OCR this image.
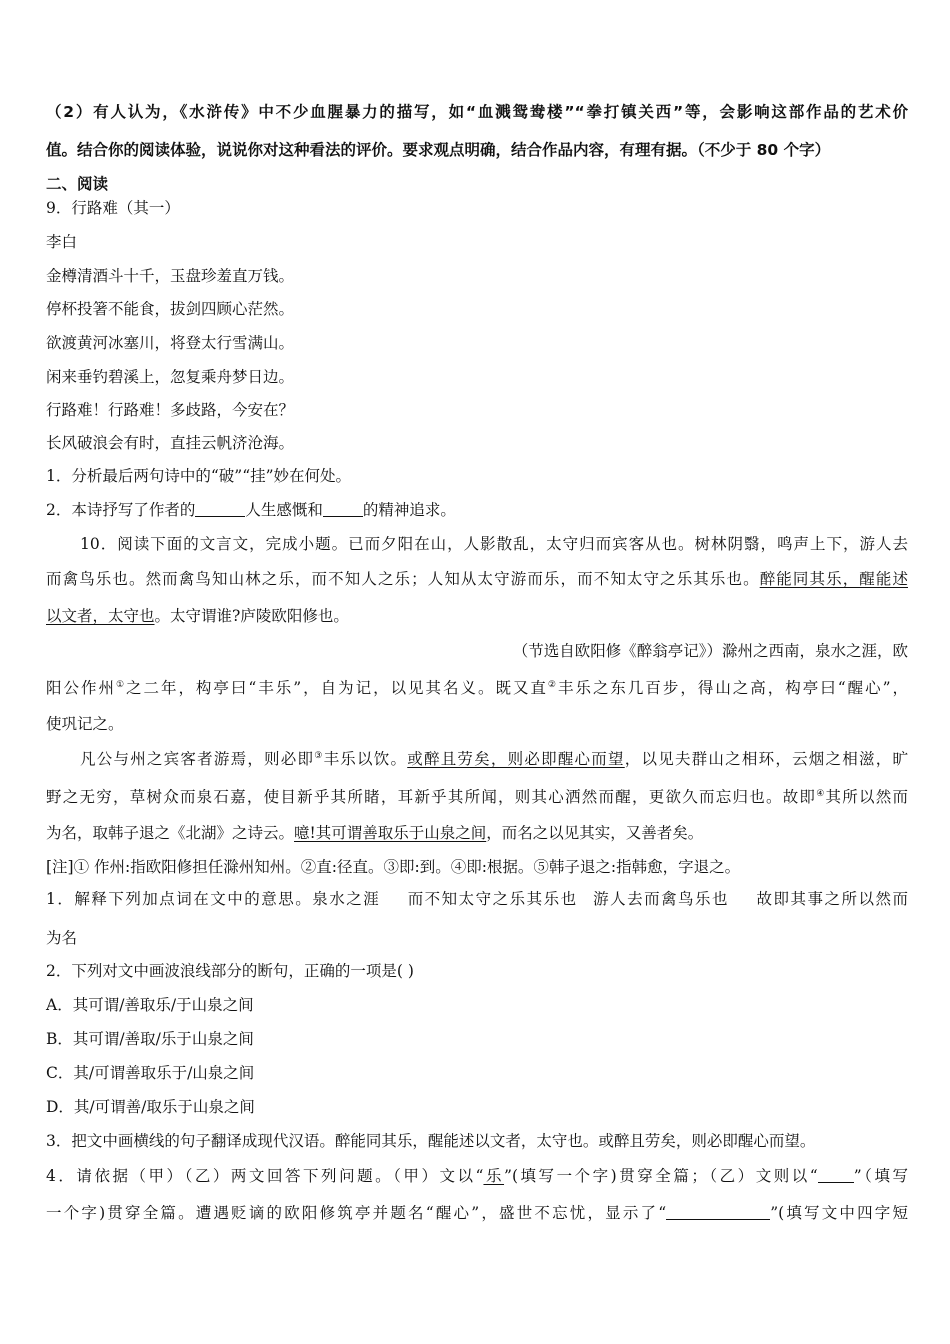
（2）有人认为，《水浒传》中不少血腥暴力的描写，如“血溅鸳鸯楼”“拳打镇关西”等，会影响这部作品的艺术价
值。结合你的阅读体验，说说你对这种看法的评价。要求观点明确，结合作品内容，有理有据。（不少于 80 个字）
二、阅读
9．行路难（其一）
李白
金樽清酒斗十千，玉盘珍羞直万钱。
停杯投箸不能食，拔剑四顾心茫然。
欲渡黄河冰塞川，将登太行雪满山。
闲来垂钓碧溪上，忽复乘舟梦日边。
行路难！行路难！多歧路，今安在？
长风破浪会有时，直挂云帆济沧海。
1．分析最后两句诗中的“破”“挂”妙在何处。
2．本诗抒写了作者的	人生感慨和	的精神追求。
10．阅读下面的文言文，完成小题。已而夕阳在山，人影散乱，太守归而宾客从也。树林阴翳，鸣声上下，游人去
而禽鸟乐也。然而禽鸟知山林之乐，而不知人之乐；人知从太守游而乐，而不知太守之乐其乐也。醉能同其乐，醒能述
以文者，太守也。太守谓谁?庐陵欧阳修也。
（节选自欧阳修《醉翁亭记》）滁州之西南，泉水之涯，欧
阳公作州①之二年，构亭曰“丰乐”，自为记，以见其名义。既又直②丰乐之东几百步，得山之高，构亭曰“醒心”，
使巩记之。
凡公与州之宾客者游焉，则必即③丰乐以饮。或醉且劳矣，则必即醒心而望，以见夫群山之相环，云烟之相滋，旷
野之无穷，草树众而泉石嘉，使目新乎其所睹，耳新乎其所闻，则其心洒然而醒，更欲久而忘归也。故即④其所以然而
为名，取韩子退之《北湖》之诗云。噫!其可谓善取乐于山泉之间，而名之以见其实，又善者矣。
[注]① 作州:指欧阳修担任滁州知州。②直:径直。③即:到。④即:根据。⑤韩子退之:指韩愈，字退之。
1．解释下列加点词在文中的意思。泉水之涯 而不知太守之乐其乐也 游人去而禽鸟乐也 故即其事之所以然而
为名
2．下列对文中画波浪线部分的断句，正确的一项是( )
A．其可谓/善取乐/于山泉之间
B．其可谓/善取/乐于山泉之间
C．其/可谓善取乐于/山泉之间
D．其/可谓善/取乐于山泉之间
3．把文中画横线的句子翻译成现代汉语。醉能同其乐，醒能述以文者，太守也。或醉且劳矣，则必即醒心而望。
4．请依据（甲）（乙）两文回答下列问题。（甲）文以“乐”(填写一个字)贯穿全篇；（乙）文则以“ ”（填写
一个字)贯穿全篇。遭遇贬谪的欧阳修筑亭并题名“醒心”，盛世不忘忧，显示了“	”(填写文中四字短
